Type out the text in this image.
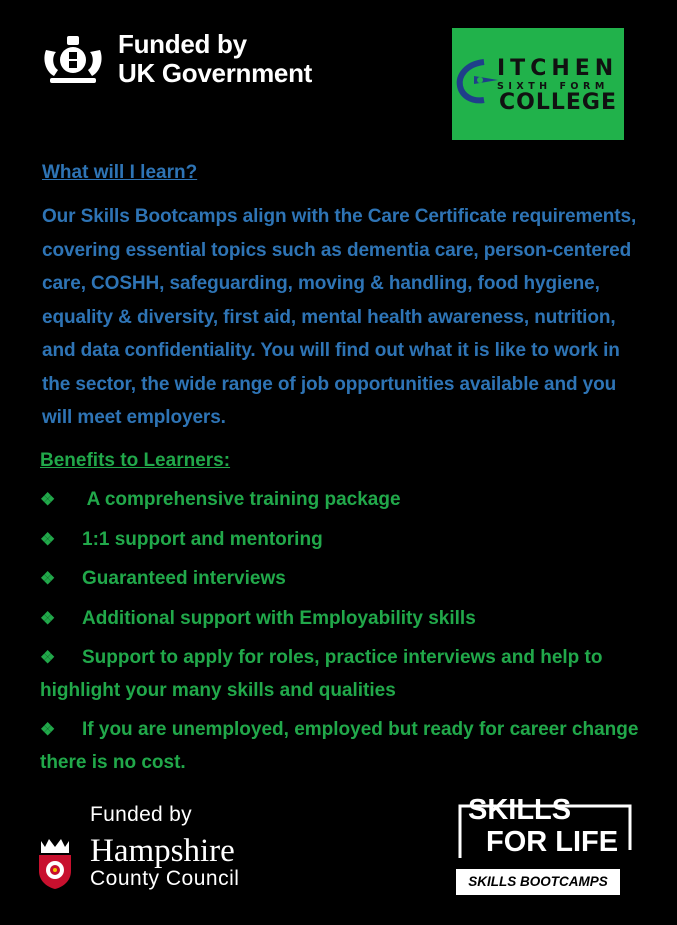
Funded by
UK Government	ITCHEN
SIXTH FORM
COLLEGE
What will I learn?
Our Skills Bootcamps align with the Care Certificate requirements, covering essential topics such as dementia care, person-centered care, COSHH, safeguarding, moving & handling, food hygiene, equality & diversity, first aid, mental health awareness, nutrition, and data confidentiality. You will find out what it is like to work in the sector, the wide range of job opportunities available and you will meet employers.
Benefits to Learners:
❖ A comprehensive training package
❖ 1:1 support and mentoring
❖ Guaranteed interviews
❖ Additional support with Employability skills
❖ Support to apply for roles, practice interviews and help to highlight your many skills and qualities
❖ If you are unemployed, employed but ready for career change there is no cost.
Funded by
Hampshire
County Council
SKILLS
FOR LIFE
SKILLS BOOTCAMPS
